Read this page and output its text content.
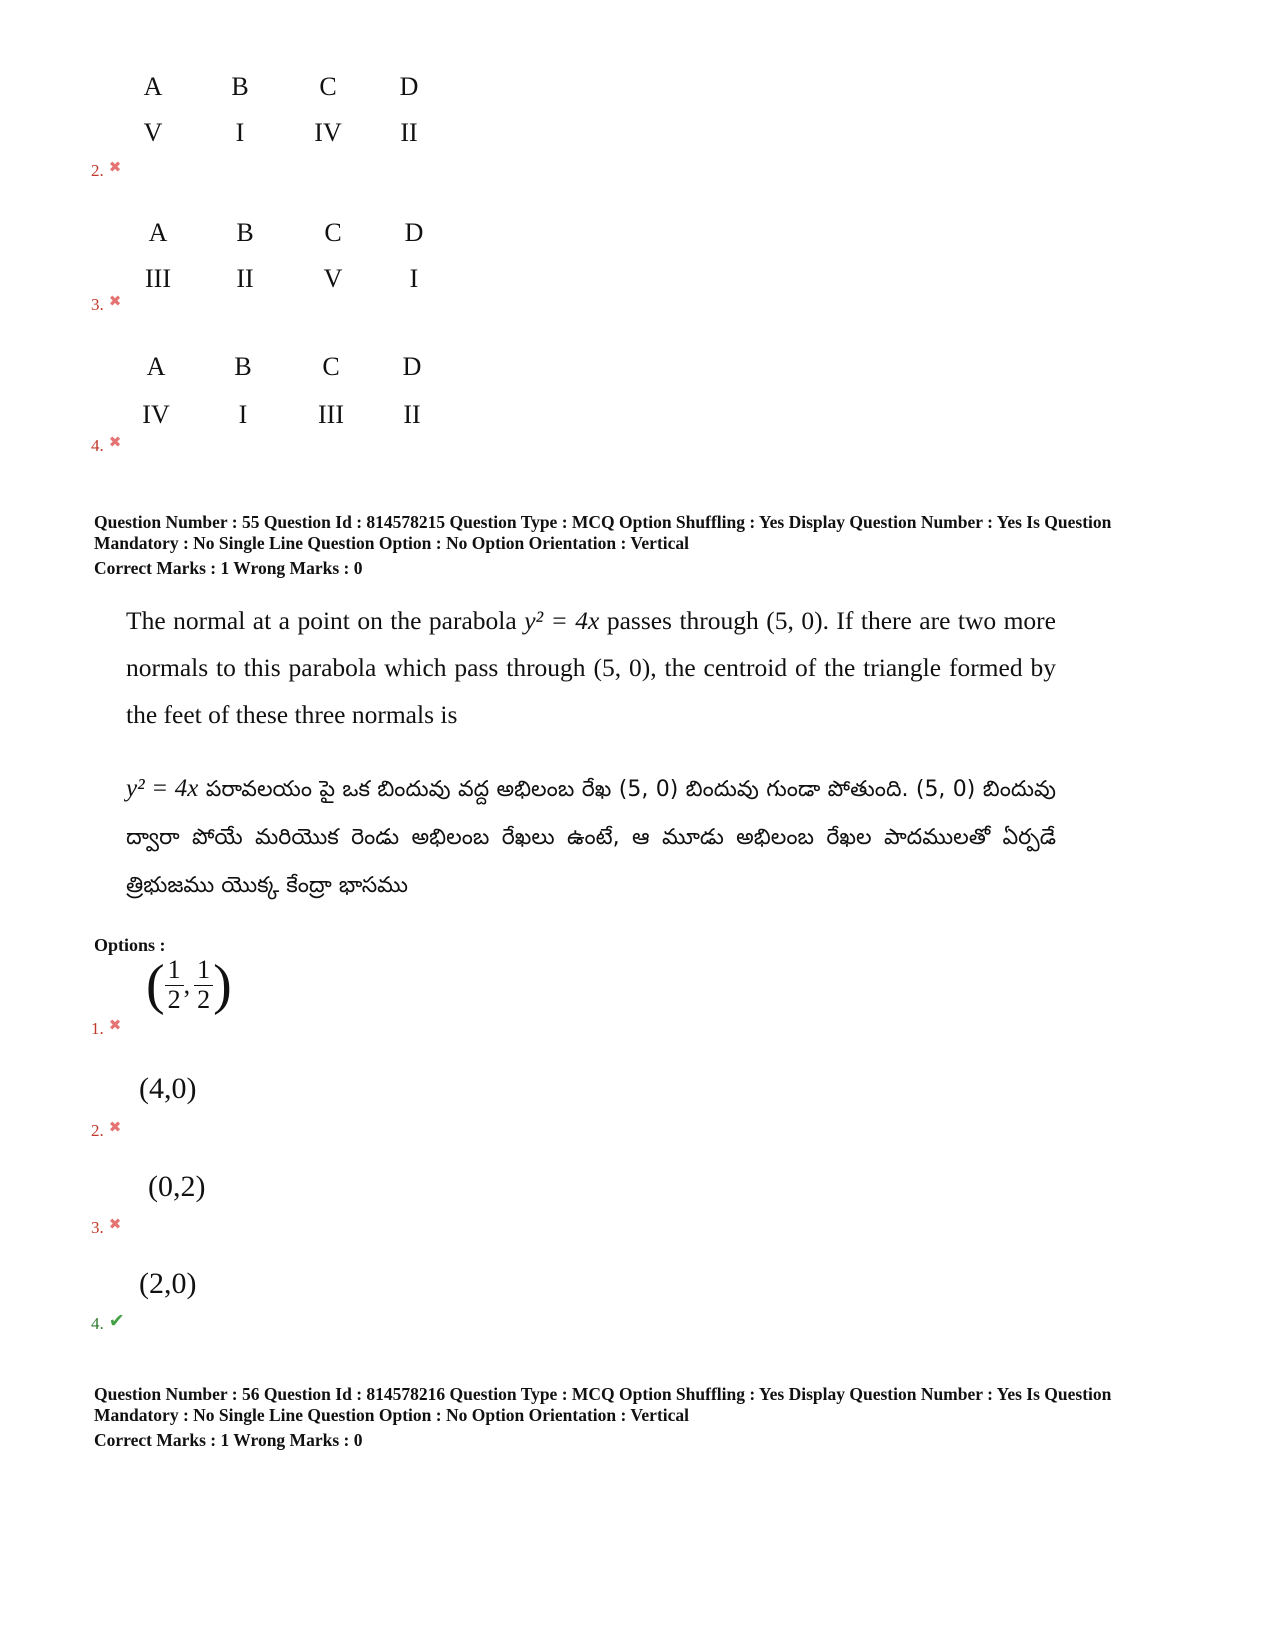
A	B	C	D
V	I	IV	II
2. ✖
A	B	C	D
III	II	V	I
3. ✖
A	B	C	D
IV	I	III	II
4. ✖
Question Number : 55 Question Id : 814578215 Question Type : MCQ Option Shuffling : Yes Display Question Number : Yes Is Question
Mandatory : No Single Line Question Option : No Option Orientation : Vertical
Correct Marks : 1 Wrong Marks : 0
The normal at a point on the parabola y² = 4x passes through (5, 0). If there are two more normals to this parabola which pass through (5, 0), the centroid of the triangle formed by the feet of these three normals is
y² = 4x పరావలయం పై ఒక బిందువు వద్ద అభిలంబ రేఖ (5, 0) బిందువు గుండా పోతుంది. (5, 0) బిందువు ద్వారా పోయే మరియొక రెండు అభిలంబ రేఖలు ఉంటే, ఆ మూడు అభిలంబ రేఖల పాదములతో ఏర్పడే త్రిభుజము యొక్క కేంద్రా భాసము
Options :
( $\frac{1}{2}$ , $\frac{1}{2}$ )
1. ✖
(4,0)
2. ✖
(0,2)
3. ✖
(2,0)
4. ✔
Question Number : 56 Question Id : 814578216 Question Type : MCQ Option Shuffling : Yes Display Question Number : Yes Is Question
Mandatory : No Single Line Question Option : No Option Orientation : Vertical
Correct Marks : 1 Wrong Marks : 0
